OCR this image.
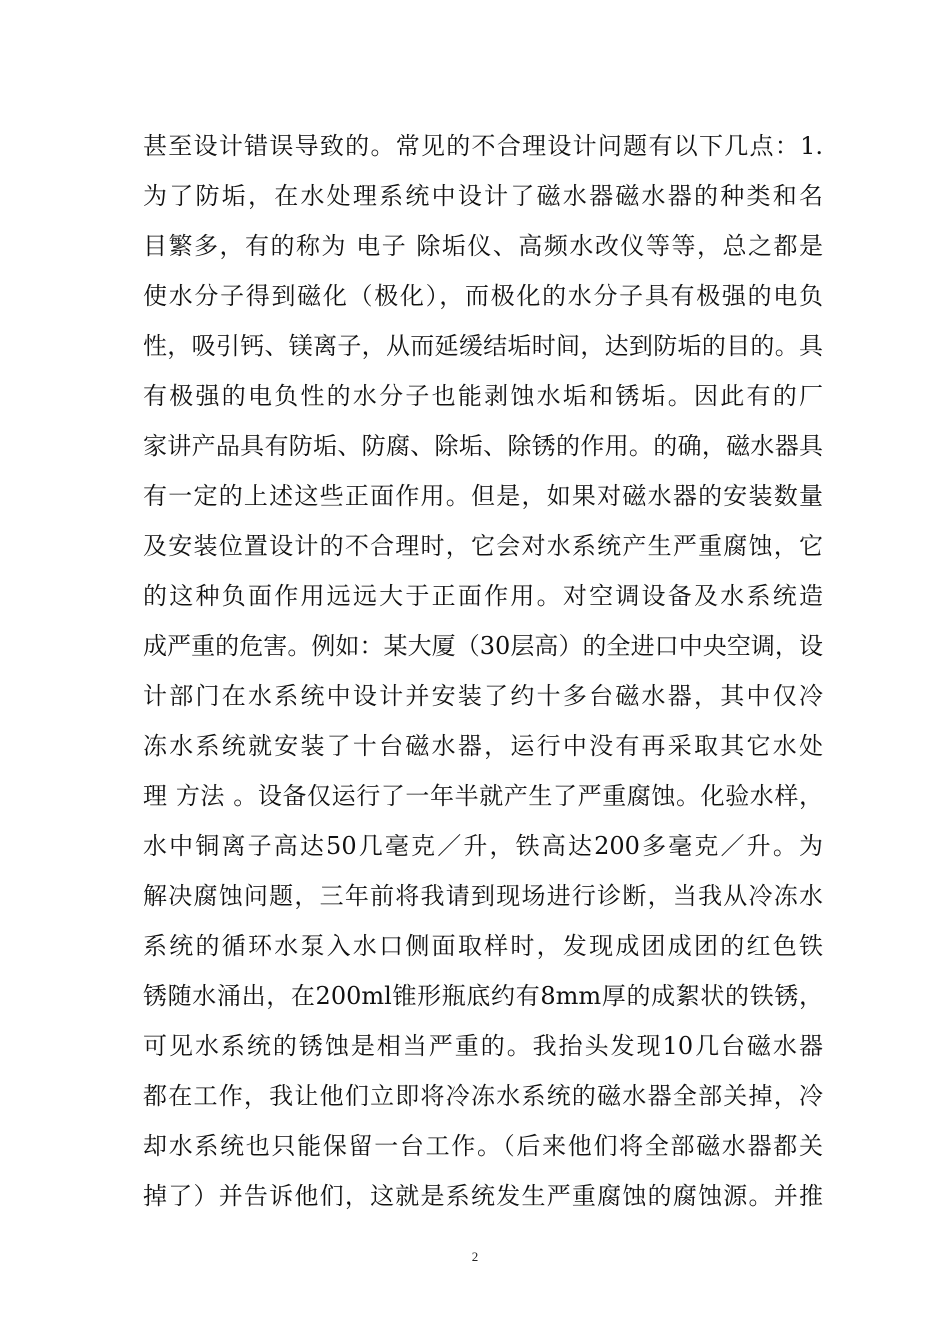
甚至设计错误导致的。常见的不合理设计问题有以下几点：1.
为了防垢，在水处理系统中设计了磁水器磁水器的种类和名
目繁多，有的称为 电子 除垢仪、高频水改仪等等，总之都是
使水分子得到磁化（极化），而极化的水分子具有极强的电负
性，吸引钙、镁离子，从而延缓结垢时间，达到防垢的目的。具
有极强的电负性的水分子也能剥蚀水垢和锈垢。因此有的厂
家讲产品具有防垢、防腐、除垢、除锈的作用。的确，磁水器具
有一定的上述这些正面作用。但是，如果对磁水器的安装数量
及安装位置设计的不合理时，它会对水系统产生严重腐蚀，它
的这种负面作用远远大于正面作用。对空调设备及水系统造
成严重的危害。例如：某大厦（30层高）的全进口中央空调，设
计部门在水系统中设计并安装了约十多台磁水器，其中仅冷
冻水系统就安装了十台磁水器，运行中没有再采取其它水处
理 方法 。设备仅运行了一年半就产生了严重腐蚀。化验水样，
水中铜离子高达50几毫克／升，铁高达200多毫克／升。为
解决腐蚀问题，三年前将我请到现场进行诊断，当我从冷冻水
系统的循环水泵入水口侧面取样时，发现成团成团的红色铁
锈随水涌出，在200ml锥形瓶底约有8mm厚的成絮状的铁锈，
可见水系统的锈蚀是相当严重的。我抬头发现10几台磁水器
都在工作，我让他们立即将冷冻水系统的磁水器全部关掉，冷
却水系统也只能保留一台工作。（后来他们将全部磁水器都关
掉了）并告诉他们，这就是系统发生严重腐蚀的腐蚀源。并推
2
